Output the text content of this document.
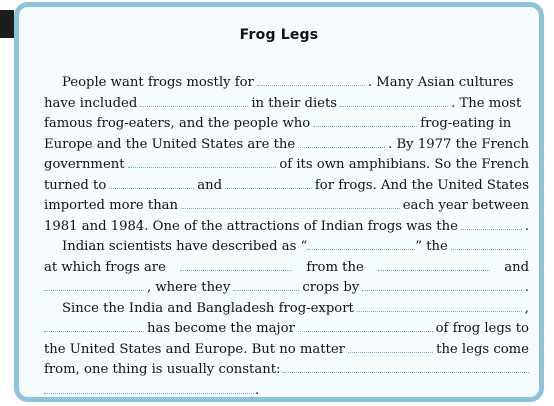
Frog Legs
People want frogs mostly for	. Many Asian cultures
have included	in their diets	. The most
famous frog-eaters, and the people who	frog-eating in
Europe and the United States are the	. By 1977 the French
government	of its own amphibians. So the French
turned to	and	for frogs. And the United States
imported more than	each year between
1981 and 1984. One of the attractions of Indian frogs was the	.
Indian scientists have described as “	” the
at which frogs are	from the	and
, where they	crops by	.
Since the India and Bangladesh frog-export	,
has become the major	of frog legs to
the United States and Europe. But no matter	the legs come
from, one thing is usually constant:
.
